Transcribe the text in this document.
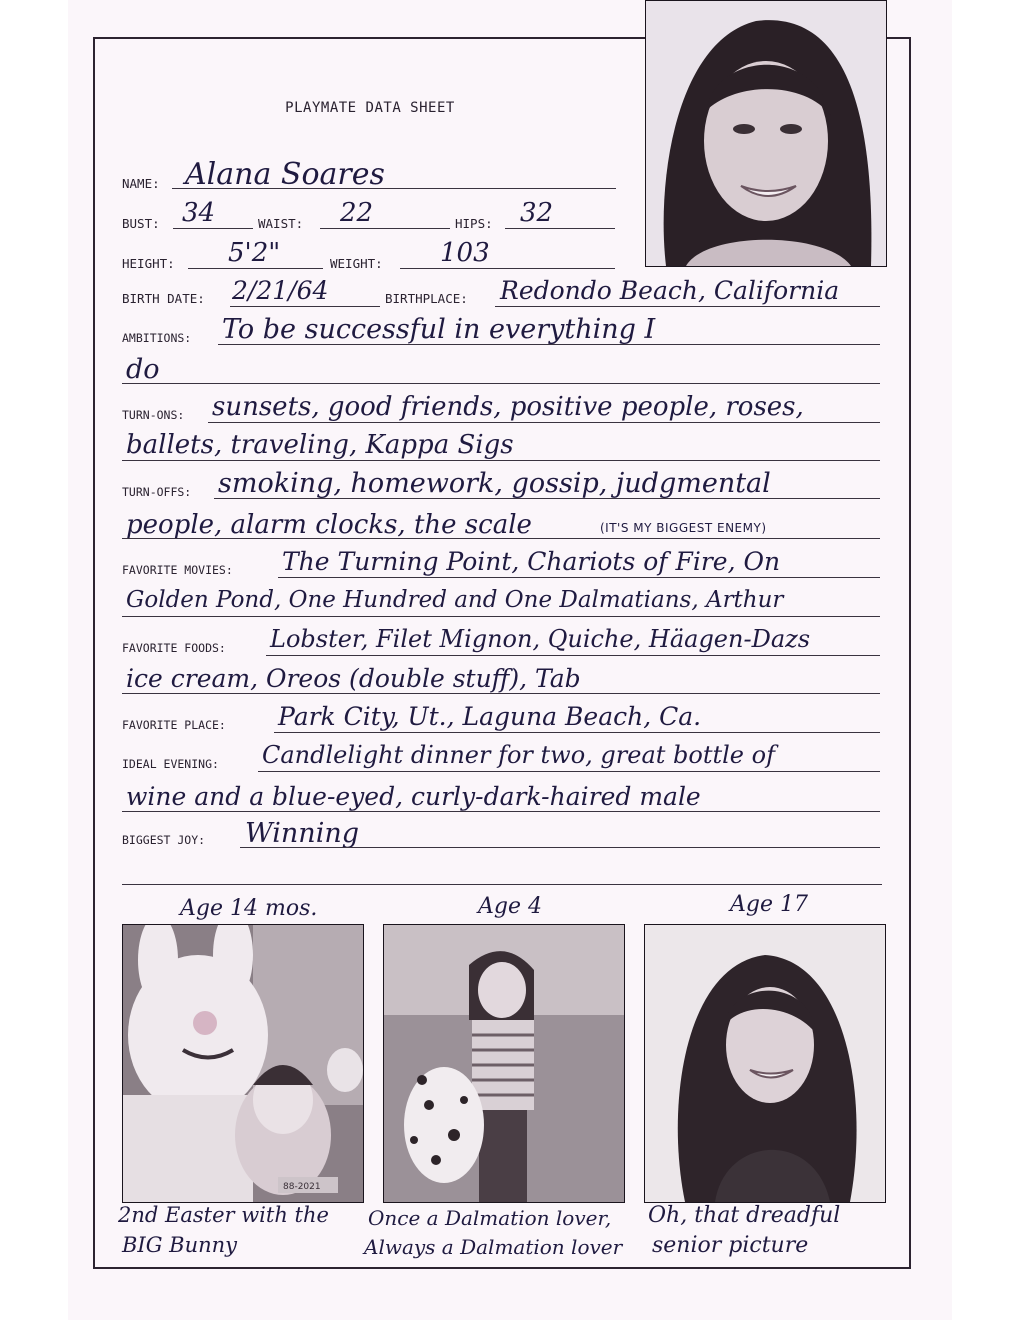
PLAYMATE DATA SHEET
NAME: Alana Soares
BUST: 34	WAIST: 22	HIPS: 32
HEIGHT: 5'2"	WEIGHT: 103
BIRTH DATE: 2/21/64	BIRTHPLACE: Redondo Beach, California
AMBITIONS: To be successful in everything I
do
TURN-ONS: sunsets, good friends, positive people, roses,
ballets, traveling, Kappa Sigs
TURN-OFFS: smoking, homework, gossip, judgmental
people, alarm clocks, the scale	(IT'S MY BIGGEST ENEMY)
FAVORITE MOVIES: The Turning Point, Chariots of Fire, On
Golden Pond, One Hundred and One Dalmatians, Arthur
FAVORITE FOODS: Lobster, Filet Mignon, Quiche, Häagen-Dazs
ice cream, Oreos (double stuff), Tab
FAVORITE PLACE: Park City, Ut., Laguna Beach, Ca.
IDEAL EVENING: Candlelight dinner for two, great bottle of
wine and a blue-eyed, curly-dark-haired male
BIGGEST JOY: Winning
Age 14 mos.	Age 4	Age 17
88-2021
2nd Easter with the
BIG Bunny
Once a Dalmation lover,
Always a Dalmation lover
Oh, that dreadful
senior picture
